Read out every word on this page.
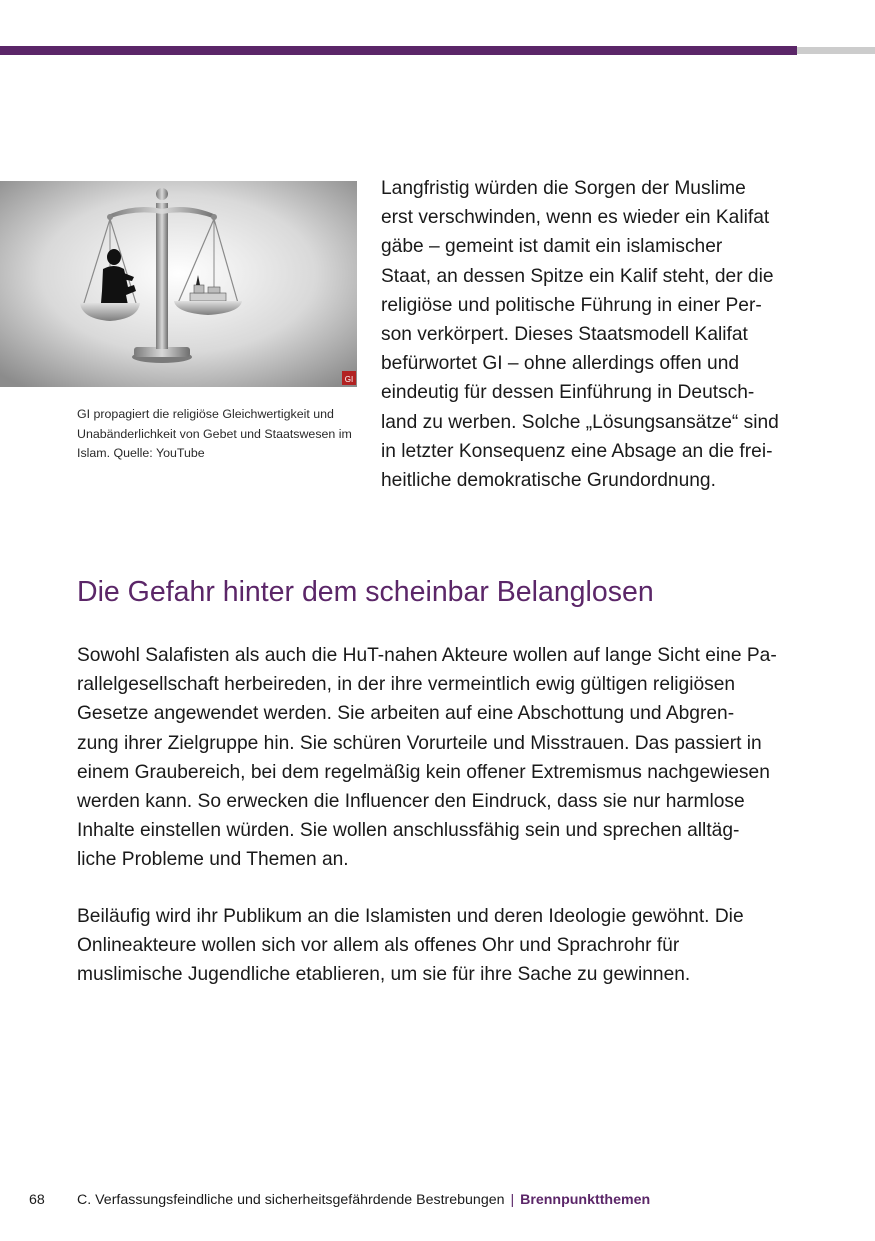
GI
GI propagiert die religiöse Gleichwertigkeit und
Unabänderlichkeit von Gebet und Staatswesen im
Islam. Quelle: YouTube
Langfristig würden die Sorgen der Muslime
erst verschwinden, wenn es wieder ein Kalifat
gäbe – gemeint ist damit ein islamischer
Staat, an dessen Spitze ein Kalif steht, der die
religiöse und politische Führung in einer Per-
son verkörpert. Dieses Staatsmodell Kalifat
befürwortet GI – ohne allerdings offen und
eindeutig für dessen Einführung in Deutsch-
land zu werben. Solche „Lösungsansätze“ sind
in letzter Konsequenz eine Absage an die frei-
heitliche demokratische Grundordnung.
Die Gefahr hinter dem scheinbar Belanglosen
Sowohl Salafisten als auch die HuT-nahen Akteure wollen auf lange Sicht eine Pa-
rallelgesellschaft herbeireden, in der ihre vermeintlich ewig gültigen religiösen
Gesetze angewendet werden. Sie arbeiten auf eine Abschottung und Abgren-
zung ihrer Zielgruppe hin. Sie schüren Vorurteile und Misstrauen. Das passiert in
einem Graubereich, bei dem regelmäßig kein offener Extremismus nachgewiesen
werden kann. So erwecken die Influencer den Eindruck, dass sie nur harmlose
Inhalte einstellen würden. Sie wollen anschlussfähig sein und sprechen alltäg-
liche Probleme und Themen an.
Beiläufig wird ihr Publikum an die Islamisten und deren Ideologie gewöhnt. Die
Onlineakteure wollen sich vor allem als offenes Ohr und Sprachrohr für
muslimische Jugendliche etablieren, um sie für ihre Sache zu gewinnen.
68 C. Verfassungsfeindliche und sicherheitsgefährdende Bestrebungen | Brennpunktthemen
